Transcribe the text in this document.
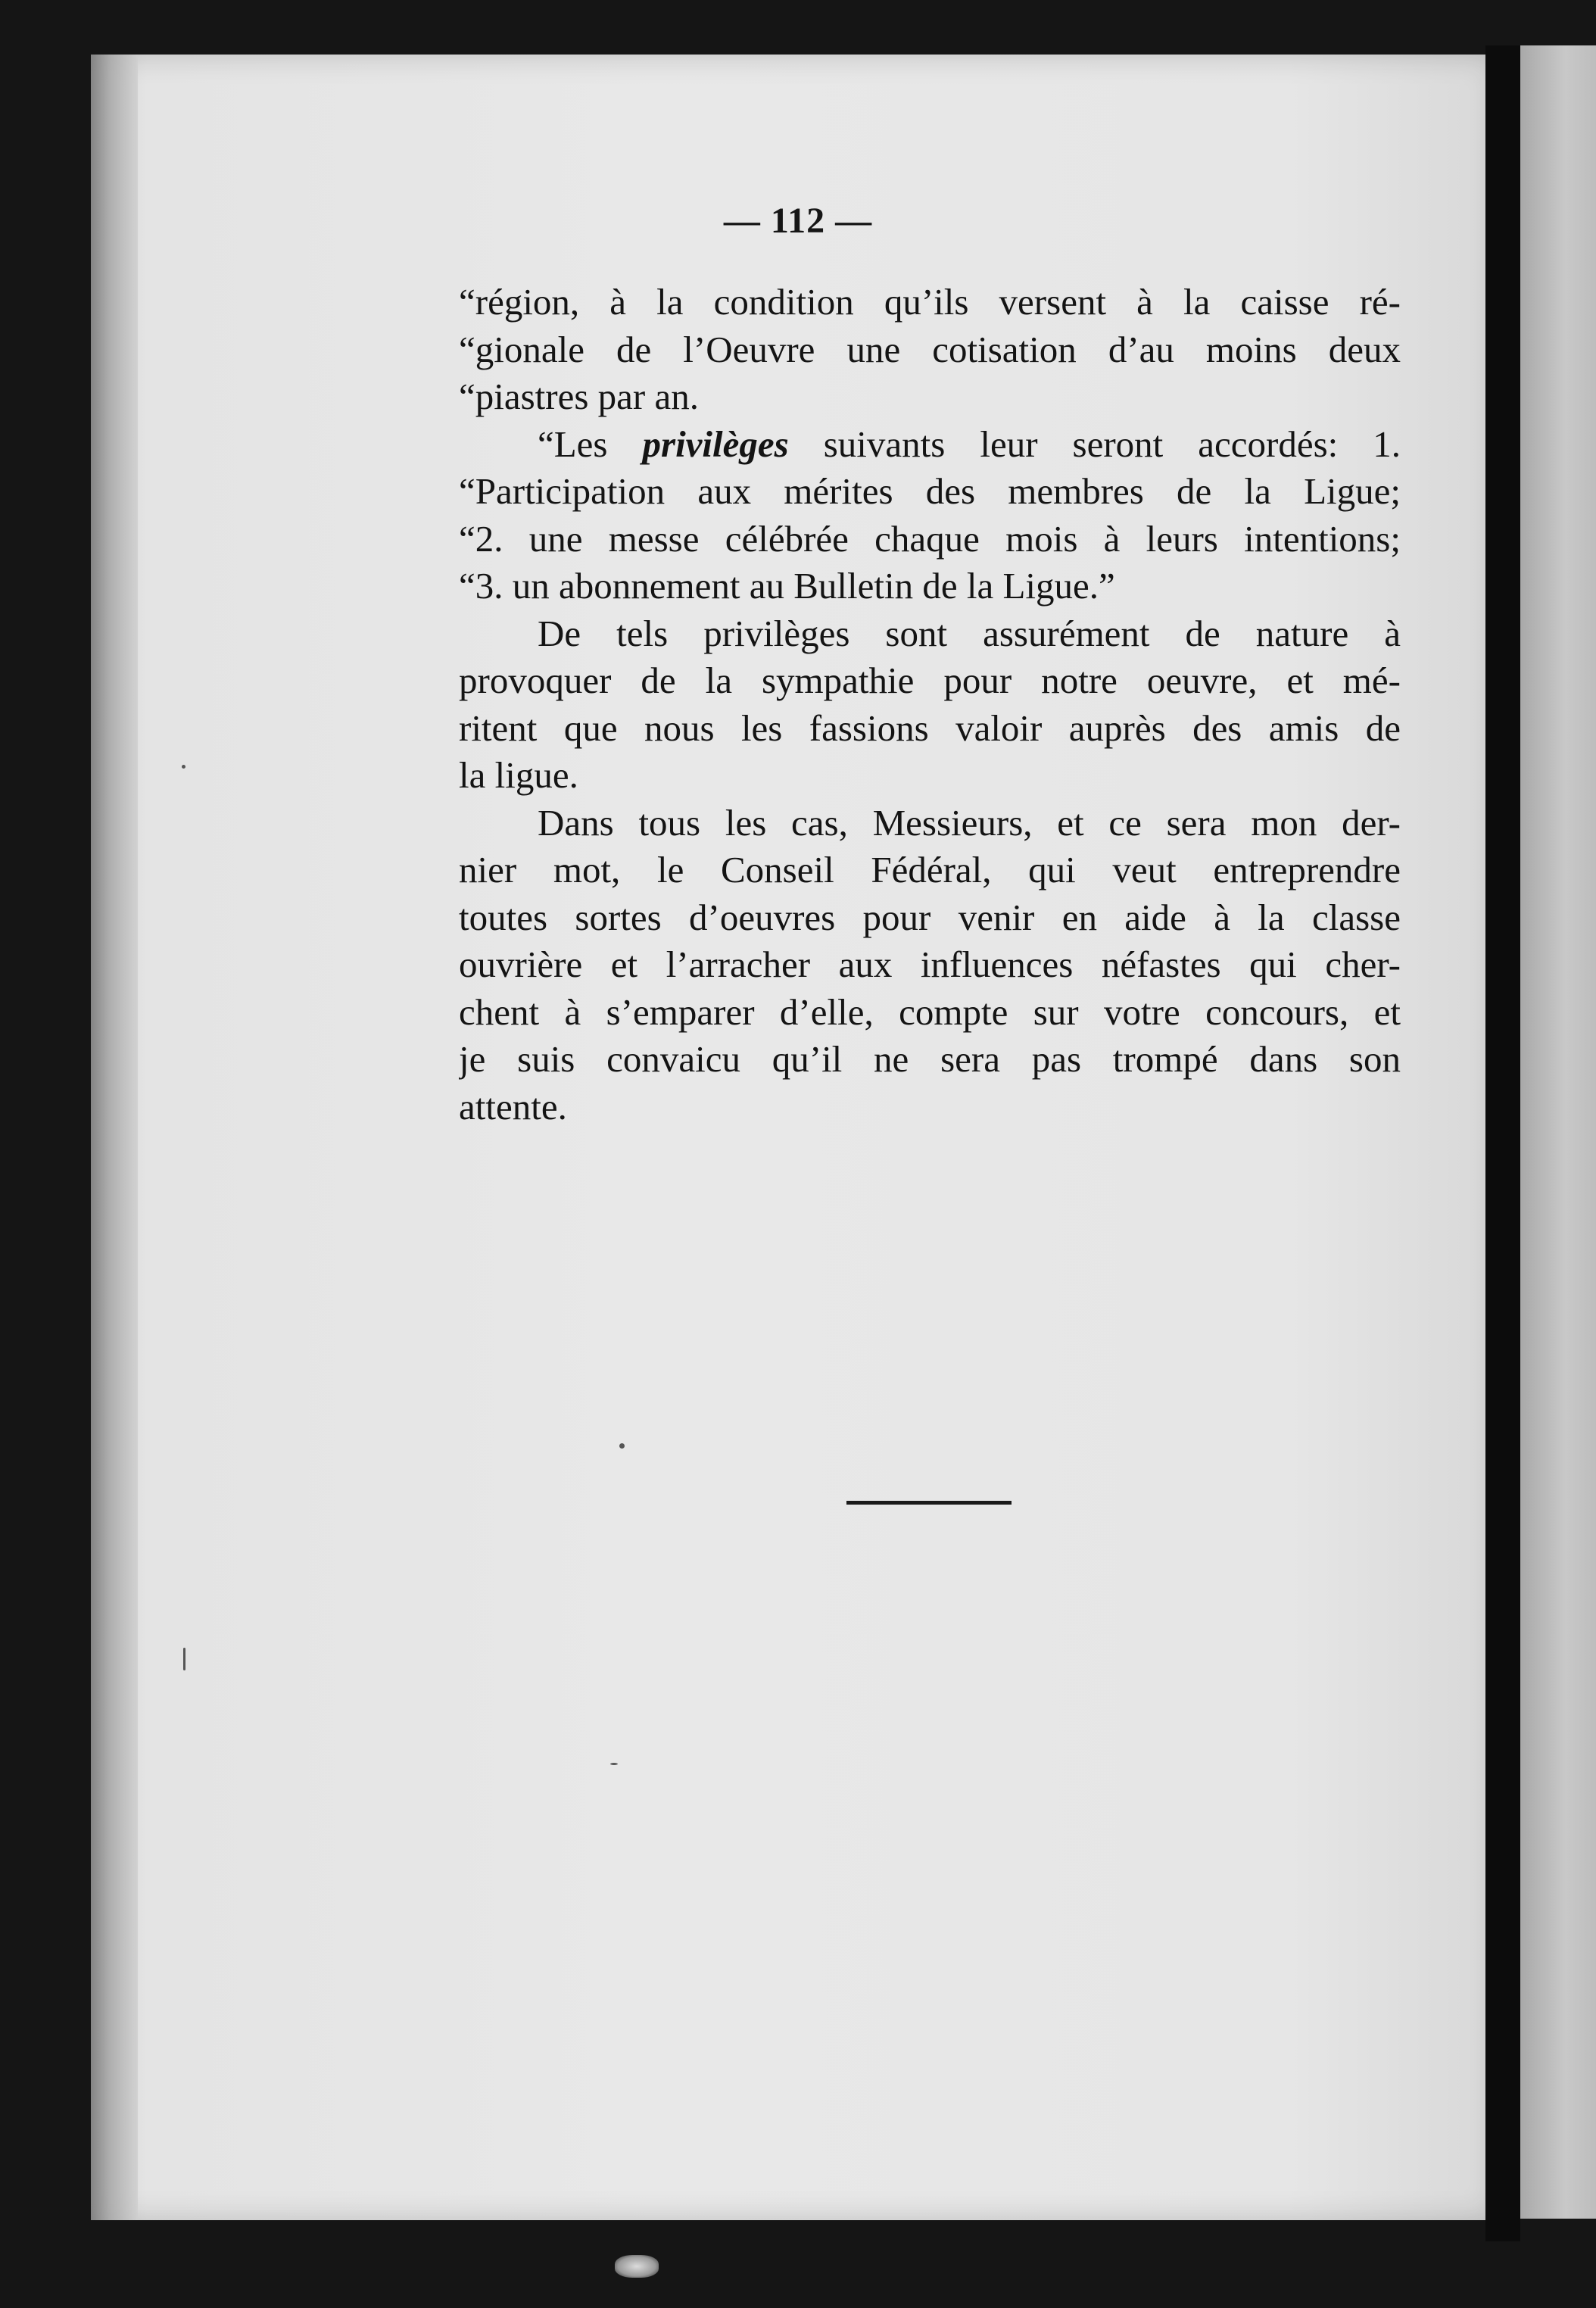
— 112 —
“région, à la condition qu’ils versent à la caisse ré-
“gionale de l’Oeuvre une cotisation d’au moins deux
“piastres par an.
“Les privilèges suivants leur seront accordés: 1.
“Participation aux mérites des membres de la Ligue;
“2. une messe célébrée chaque mois à leurs intentions;
“3. un abonnement au Bulletin de la Ligue.”
De tels privilèges sont assurément de nature à
provoquer de la sympathie pour notre oeuvre, et mé-
ritent que nous les fassions valoir auprès des amis de
la ligue.
Dans tous les cas, Messieurs, et ce sera mon der-
nier mot, le Conseil Fédéral, qui veut entreprendre
toutes sortes d’oeuvres pour venir en aide à la classe
ouvrière et l’arracher aux influences néfastes qui cher-
chent à s’emparer d’elle, compte sur votre concours, et
je suis convaicu qu’il ne sera pas trompé dans son
attente.
